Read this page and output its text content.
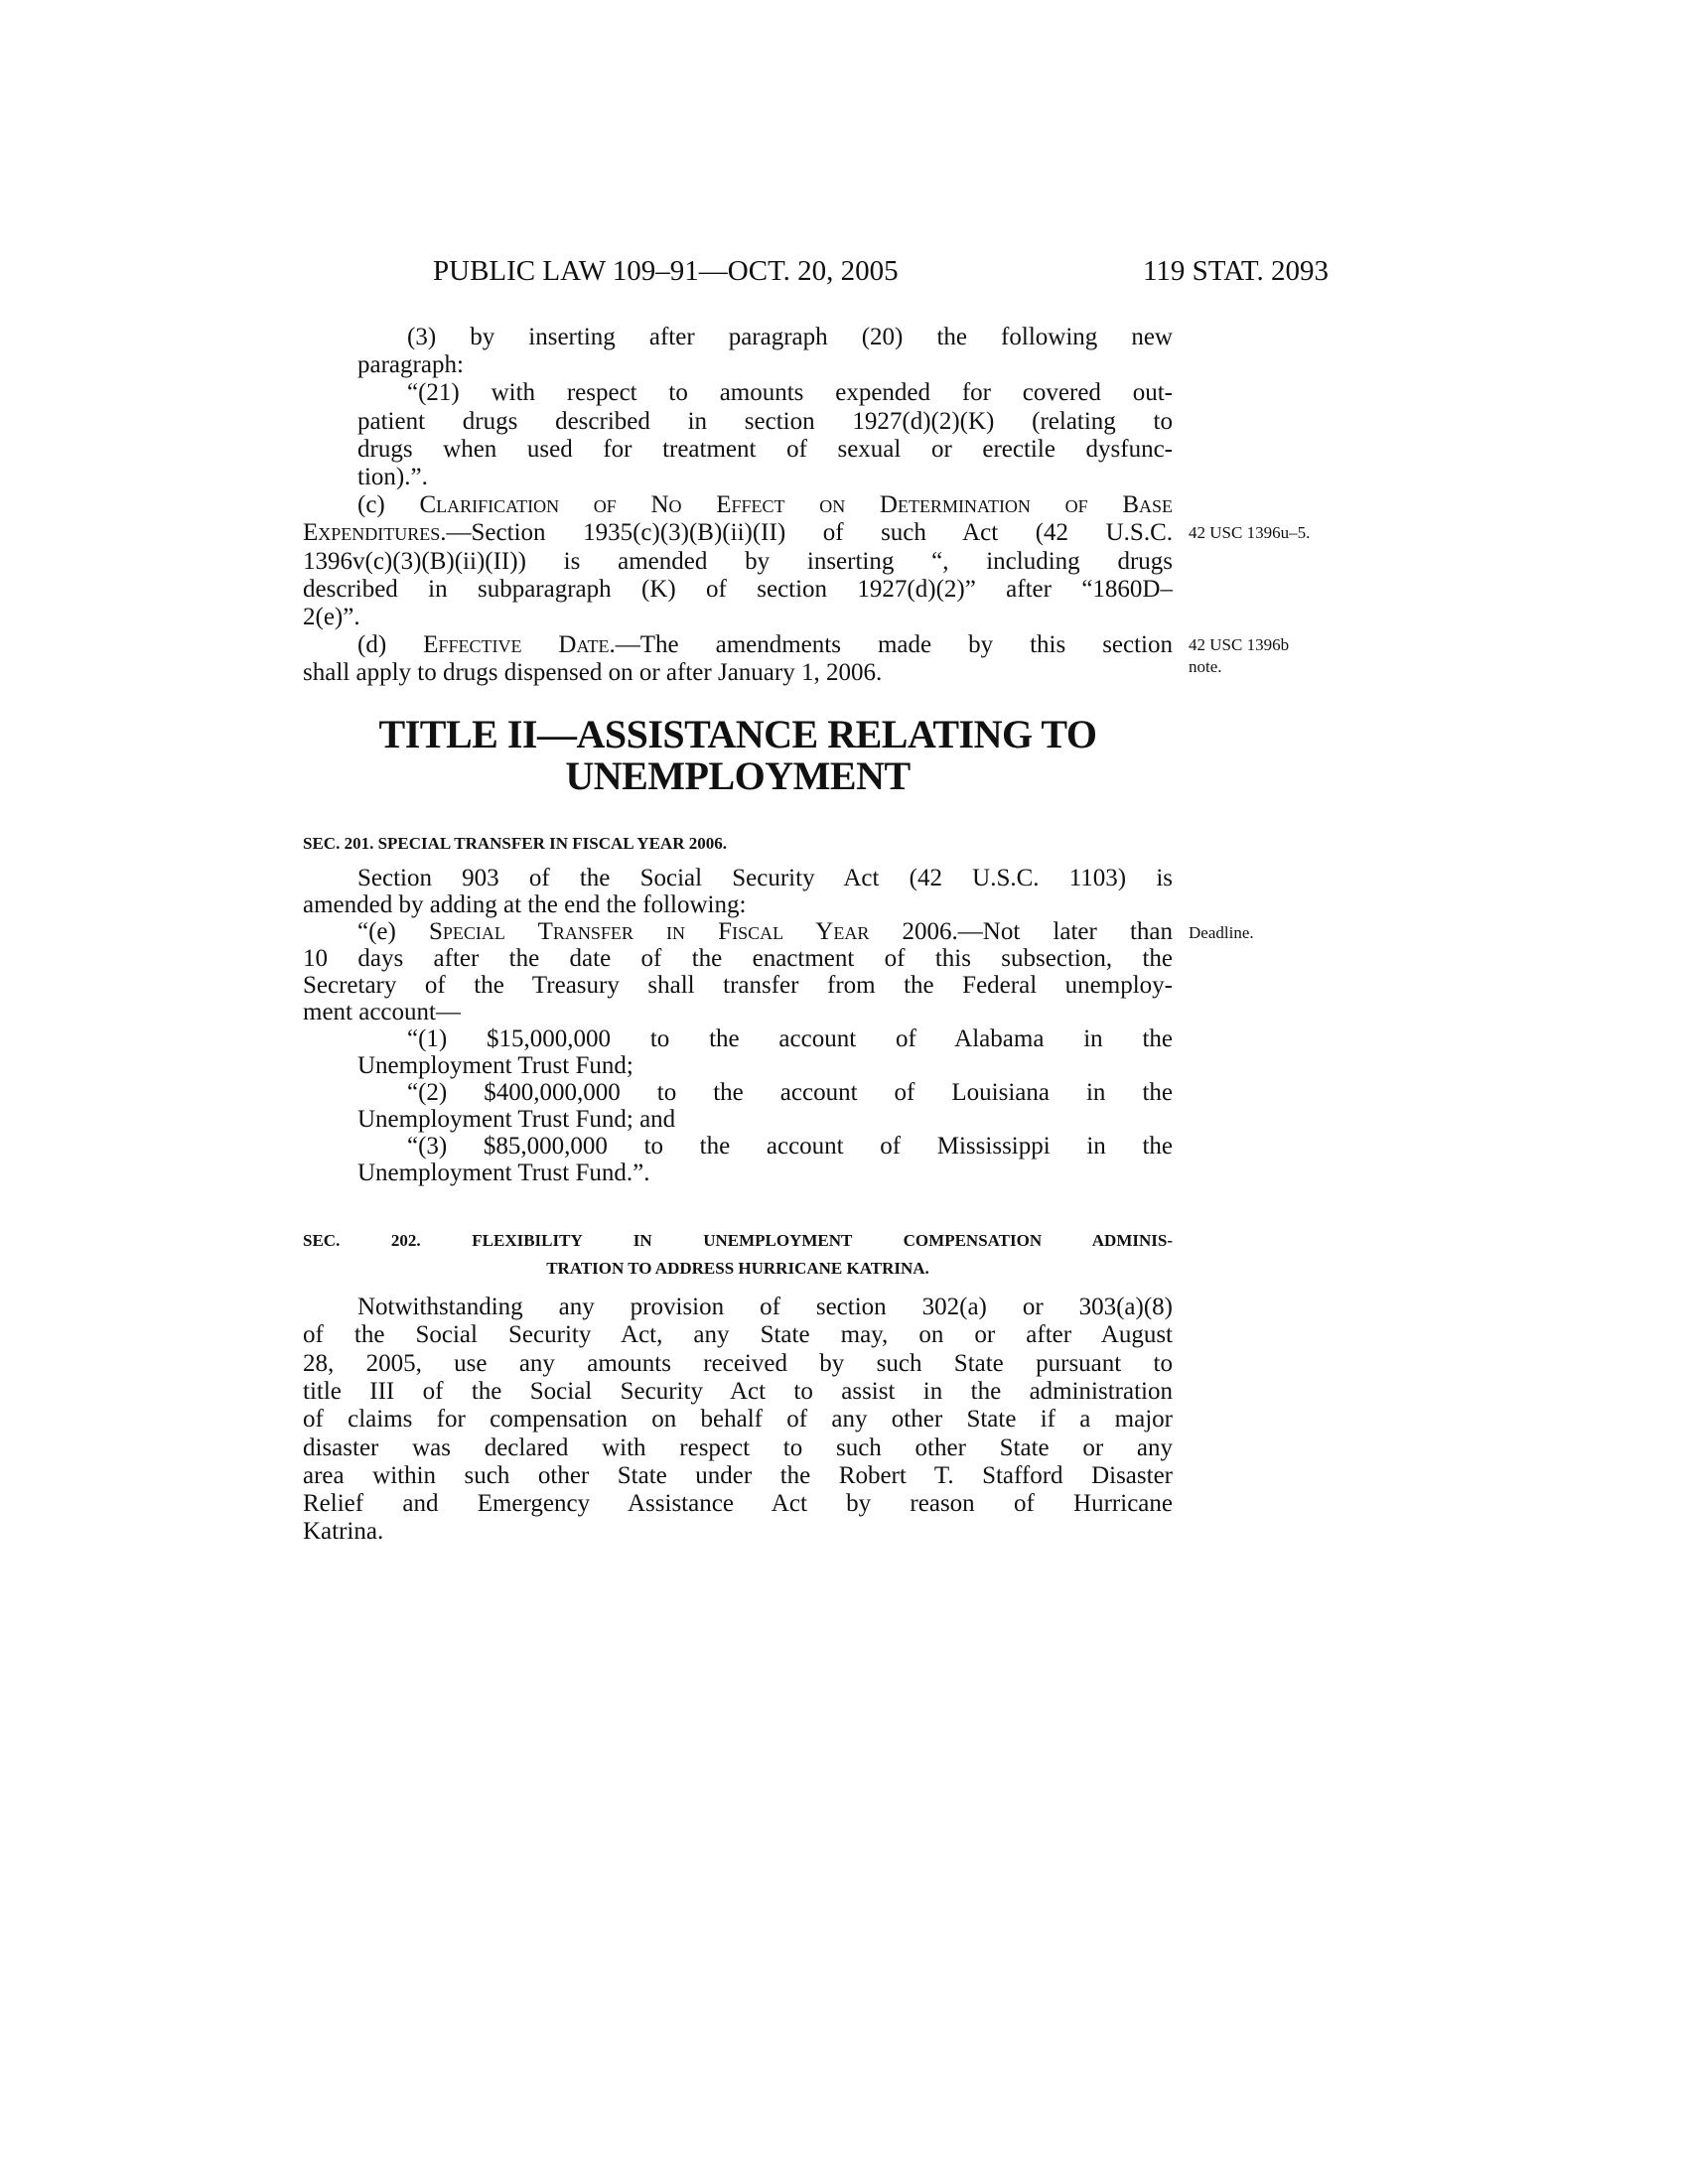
PUBLIC LAW 109–91—OCT. 20, 2005	119 STAT. 2093
(3) by inserting after paragraph (20) the following new
paragraph:
“(21) with respect to amounts expended for covered out-
patient drugs described in section 1927(d)(2)(K) (relating to
drugs when used for treatment of sexual or erectile dysfunc-
tion).”.
(c) Clarification of No Effect on Determination of Base
Expenditures.—Section 1935(c)(3)(B)(ii)(II) of such Act (42 U.S.C.
1396v(c)(3)(B)(ii)(II)) is amended by inserting “, including drugs
described in subparagraph (K) of section 1927(d)(2)” after “1860D–
2(e)”.
(d) Effective Date.—The amendments made by this section
shall apply to drugs dispensed on or after January 1, 2006.
TITLE II—ASSISTANCE RELATING TO
UNEMPLOYMENT
SEC. 201. SPECIAL TRANSFER IN FISCAL YEAR 2006.
Section 903 of the Social Security Act (42 U.S.C. 1103) is
amended by adding at the end the following:
“(e) Special Transfer in Fiscal Year 2006.—Not later than
10 days after the date of the enactment of this subsection, the
Secretary of the Treasury shall transfer from the Federal unemploy-
ment account—
“(1) $15,000,000 to the account of Alabama in the
Unemployment Trust Fund;
“(2) $400,000,000 to the account of Louisiana in the
Unemployment Trust Fund; and
“(3) $85,000,000 to the account of Mississippi in the
Unemployment Trust Fund.”.
SEC. 202. FLEXIBILITY IN UNEMPLOYMENT COMPENSATION ADMINIS-
TRATION TO ADDRESS HURRICANE KATRINA.
Notwithstanding any provision of section 302(a) or 303(a)(8)
of the Social Security Act, any State may, on or after August
28, 2005, use any amounts received by such State pursuant to
title III of the Social Security Act to assist in the administration
of claims for compensation on behalf of any other State if a major
disaster was declared with respect to such other State or any
area within such other State under the Robert T. Stafford Disaster
Relief and Emergency Assistance Act by reason of Hurricane
Katrina.
42 USC 1396u–5.
42 USC 1396b
note.
Deadline.
